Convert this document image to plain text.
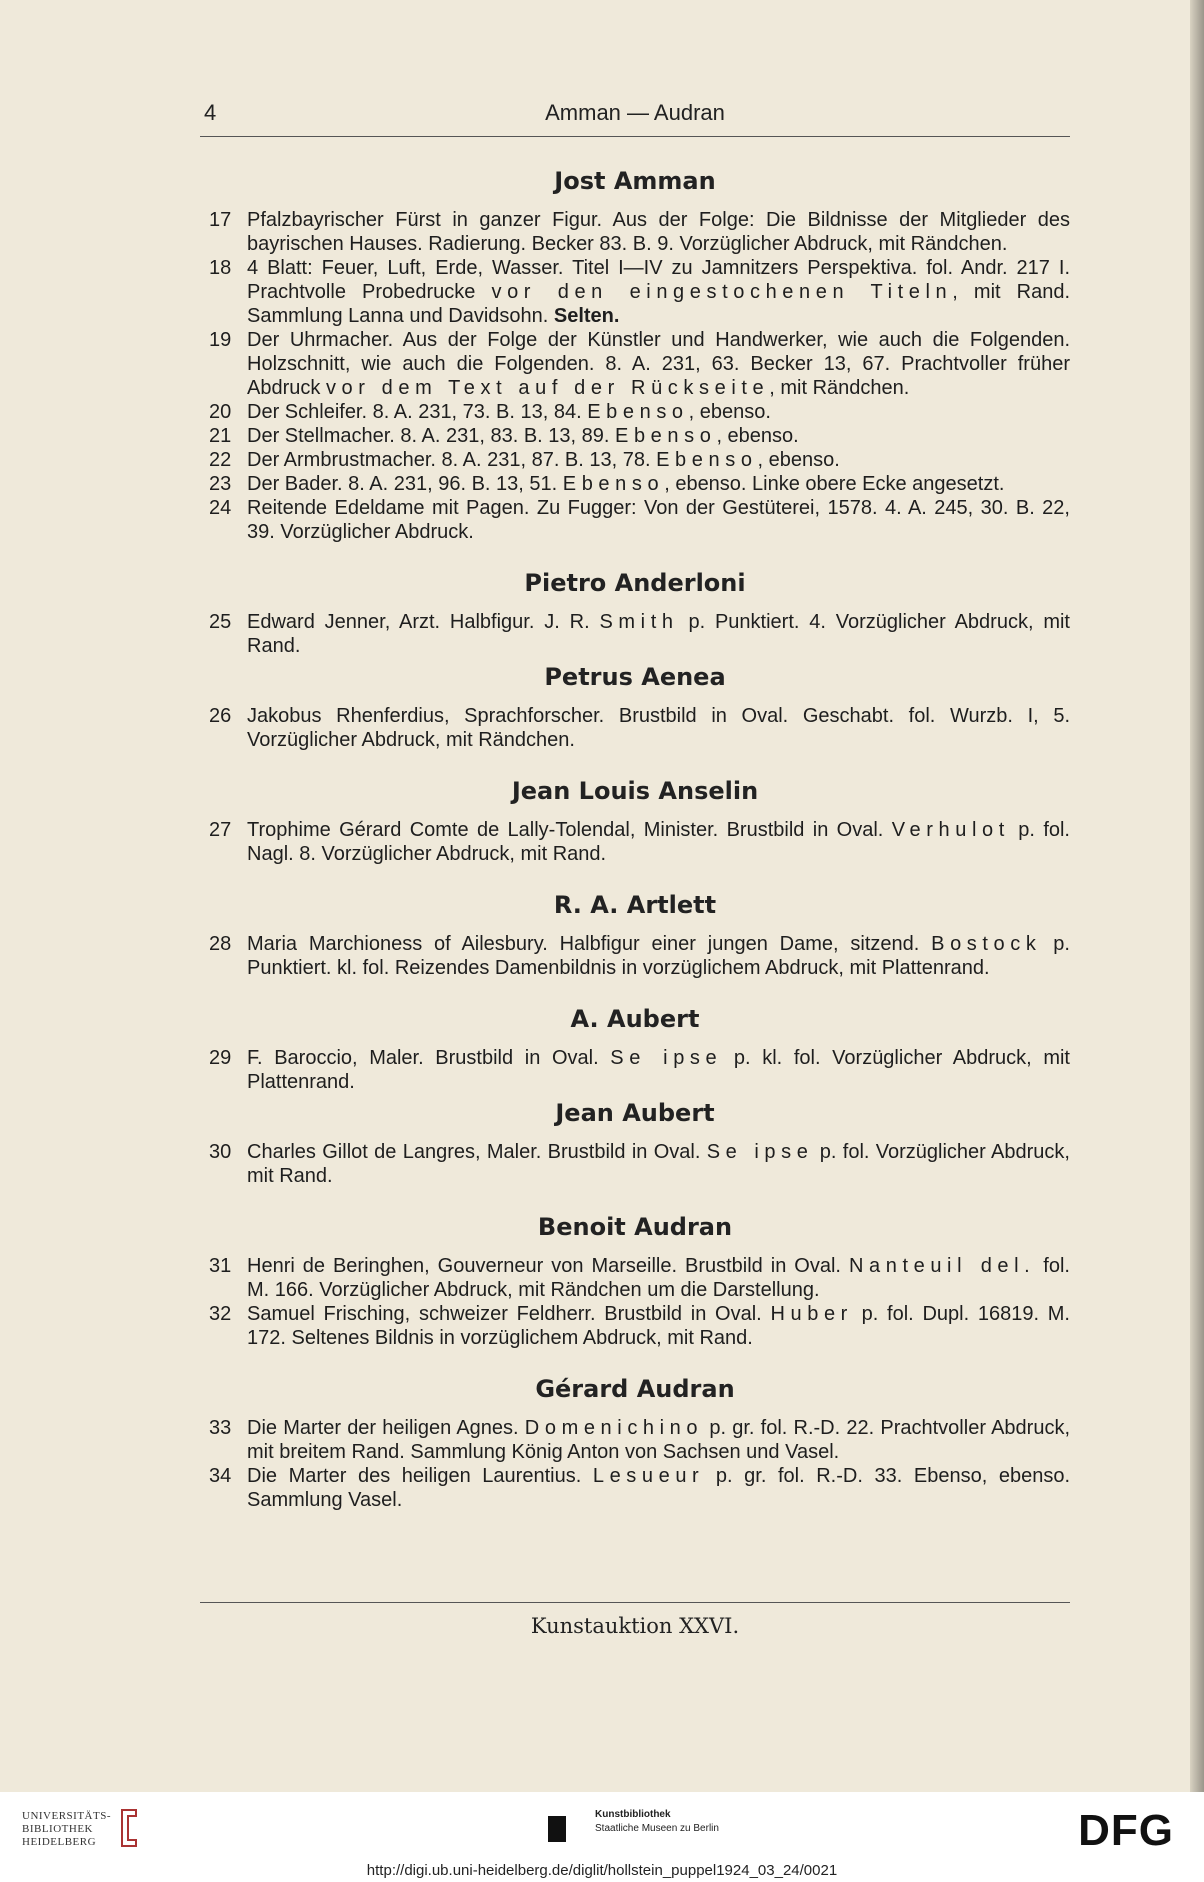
4	Amman — Audran
Jost Amman
17 Pfalzbayrischer Fürst in ganzer Figur. Aus der Folge: Die Bildnisse der Mitglieder des bayrischen Hauses. Radierung. Becker 83. B. 9. Vorzüglicher Abdruck, mit Rändchen.
18 4 Blatt: Feuer, Luft, Erde, Wasser. Titel I—IV zu Jamnitzers Perspektiva. fol. Andr. 217 I. Prachtvolle Probedrucke vor den eingestochenen Titeln, mit Rand. Sammlung Lanna und Davidsohn. Selten.
19 Der Uhrmacher. Aus der Folge der Künstler und Handwerker, wie auch die Folgenden. Holzschnitt, wie auch die Folgenden. 8. A. 231, 63. Becker 13, 67. Prachtvoller früher Abdruck vor dem Text auf der Rückseite, mit Rändchen.
20 Der Schleifer. 8. A. 231, 73. B. 13, 84. Ebenso, ebenso.
21 Der Stellmacher. 8. A. 231, 83. B. 13, 89. Ebenso, ebenso.
22 Der Armbrustmacher. 8. A. 231, 87. B. 13, 78. Ebenso, ebenso.
23 Der Bader. 8. A. 231, 96. B. 13, 51. Ebenso, ebenso. Linke obere Ecke angesetzt.
24 Reitende Edeldame mit Pagen. Zu Fugger: Von der Gestüterei, 1578. 4. A. 245, 30. B. 22, 39. Vorzüglicher Abdruck.
Pietro Anderloni
25 Edward Jenner, Arzt. Halbfigur. J. R. Smith p. Punktiert. 4. Vorzüglicher Abdruck, mit Rand.
Petrus Aenea
26 Jakobus Rhenferdius, Sprachforscher. Brustbild in Oval. Geschabt. fol. Wurzb. I, 5. Vorzüglicher Abdruck, mit Rändchen.
Jean Louis Anselin
27 Trophime Gérard Comte de Lally-Tolendal, Minister. Brustbild in Oval. Verhulot p. fol. Nagl. 8. Vorzüglicher Abdruck, mit Rand.
R. A. Artlett
28 Maria Marchioness of Ailesbury. Halbfigur einer jungen Dame, sitzend. Bostock p. Punktiert. kl. fol. Reizendes Damenbildnis in vorzüglichem Abdruck, mit Plattenrand.
A. Aubert
29 F. Baroccio, Maler. Brustbild in Oval. Se ipse p. kl. fol. Vorzüglicher Abdruck, mit Plattenrand.
Jean Aubert
30 Charles Gillot de Langres, Maler. Brustbild in Oval. Se ipse p. fol. Vorzüglicher Abdruck, mit Rand.
Benoit Audran
31 Henri de Beringhen, Gouverneur von Marseille. Brustbild in Oval. Nanteuil del. fol. M. 166. Vorzüglicher Abdruck, mit Rändchen um die Darstellung.
32 Samuel Frisching, schweizer Feldherr. Brustbild in Oval. Huber p. fol. Dupl. 16819. M. 172. Seltenes Bildnis in vorzüglichem Abdruck, mit Rand.
Gérard Audran
33 Die Marter der heiligen Agnes. Domenichino p. gr. fol. R.-D. 22. Prachtvoller Abdruck, mit breitem Rand. Sammlung König Anton von Sachsen und Vasel.
34 Die Marter des heiligen Laurentius. Lesueur p. gr. fol. R.-D. 33. Ebenso, ebenso. Sammlung Vasel.
Kunstauktion XXVI.
UNIVERSITÄTS-
BIBLIOTHEK
HEIDELBERG
Kunstbibliothek
Staatliche Museen zu Berlin	DFG
http://digi.ub.uni-heidelberg.de/diglit/hollstein_puppel1924_03_24/0021
